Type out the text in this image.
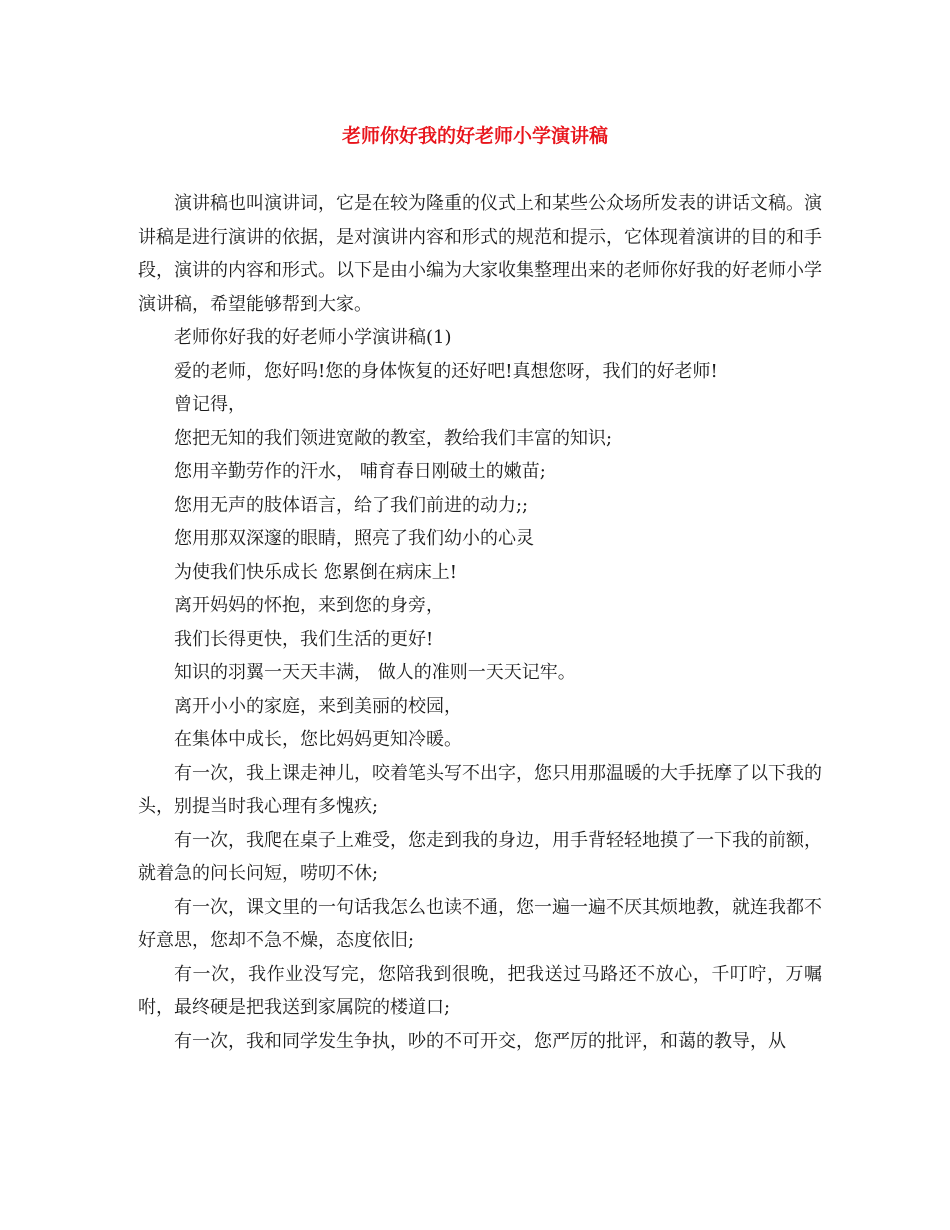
老师你好我的好老师小学演讲稿

演讲稿也叫演讲词，它是在较为隆重的仪式上和某些公众场所发表的讲话文稿。演讲稿是进行演讲的依据，是对演讲内容和形式的规范和提示，它体现着演讲的目的和手段，演讲的内容和形式。以下是由小编为大家收集整理出来的老师你好我的好老师小学演讲稿，希望能够帮到大家。

老师你好我的好老师小学演讲稿(1)

爱的老师，您好吗!您的身体恢复的还好吧!真想您呀，我们的好老师!

曾记得，

您把无知的我们领进宽敞的教室，教给我们丰富的知识;

您用辛勤劳作的汗水， 哺育春日刚破土的嫩苗;

您用无声的肢体语言，给了我们前进的动力;;

您用那双深邃的眼睛，照亮了我们幼小的心灵

为使我们快乐成长 您累倒在病床上!

离开妈妈的怀抱，来到您的身旁，

我们长得更快，我们生活的更好!

知识的羽翼一天天丰满， 做人的准则一天天记牢。

离开小小的家庭，来到美丽的校园，

在集体中成长，您比妈妈更知冷暖。

有一次，我上课走神儿，咬着笔头写不出字，您只用那温暖的大手抚摩了以下我的头，别提当时我心理有多愧疚;

有一次，我爬在桌子上难受，您走到我的身边，用手背轻轻地摸了一下我的前额，就着急的问长问短，唠叨不休;

有一次，课文里的一句话我怎么也读不通，您一遍一遍不厌其烦地教，就连我都不好意思，您却不急不燥，态度依旧;

有一次，我作业没写完，您陪我到很晚，把我送过马路还不放心，千叮咛，万嘱咐，最终硬是把我送到家属院的楼道口;

有一次，我和同学发生争执，吵的不可开交，您严厉的批评，和蔼的教导，从
